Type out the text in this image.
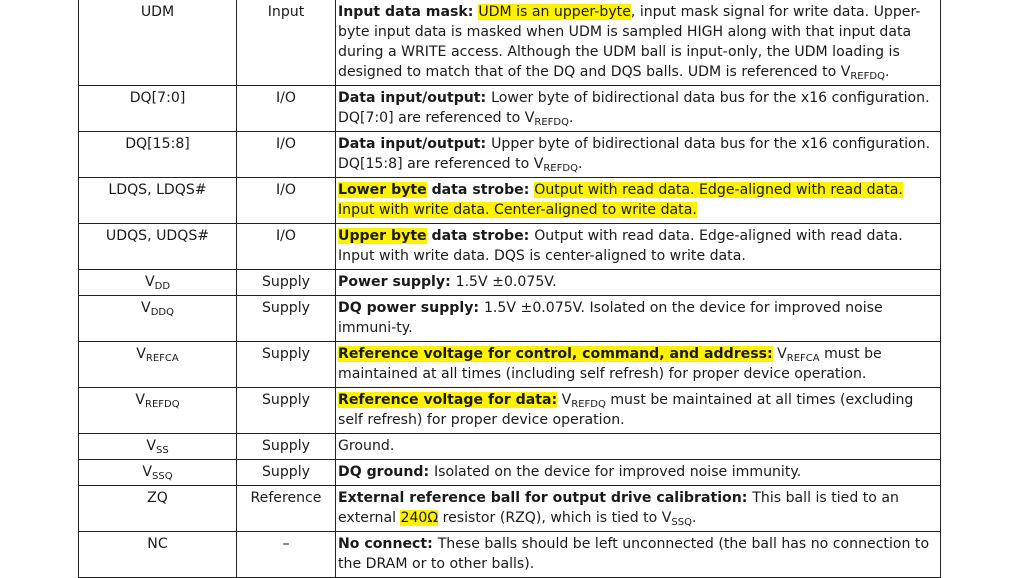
UDM	Input	Input data mask: UDM is an upper-byte, input mask signal for write data. Upper-byte input data is masked when UDM is sampled HIGH along with that input data during a WRITE access. Although the UDM ball is input-only, the UDM loading is designed to match that of the DQ and DQS balls. UDM is referenced to $V_{REFDQ}$.
DQ[7:0]	I/O	Data input/output: Lower byte of bidirectional data bus for the x16 configuration. DQ[7:0] are referenced to $V_{REFDQ}$.
DQ[15:8]	I/O	Data input/output: Upper byte of bidirectional data bus for the x16 configuration. DQ[15:8] are referenced to $V_{REFDQ}$.
LDQS, LDQS#	I/O	Lower byte data strobe: Output with read data. Edge-aligned with read data. Input with write data. Center-aligned to write data.
UDQS, UDQS#	I/O	Upper byte data strobe: Output with read data. Edge-aligned with read data. Input with write data. DQS is center-aligned to write data.
$V_{DD}$	Supply	Power supply: 1.5V ±0.075V.
$V_{DDQ}$	Supply	DQ power supply: 1.5V ±0.075V. Isolated on the device for improved noise immuni-ty.
$V_{REFCA}$	Supply	Reference voltage for control, command, and address: $V_{REFCA}$ must be maintained at all times (including self refresh) for proper device operation.
$V_{REFDQ}$	Supply	Reference voltage for data: $V_{REFDQ}$ must be maintained at all times (excluding self refresh) for proper device operation.
$V_{SS}$	Supply	Ground.
$V_{SSQ}$	Supply	DQ ground: Isolated on the device for improved noise immunity.
ZQ	Reference	External reference ball for output drive calibration: This ball is tied to an external 240Ω resistor (RZQ), which is tied to $V_{SSQ}$.
NC	–	No connect: These balls should be left unconnected (the ball has no connection to the DRAM or to other balls).
